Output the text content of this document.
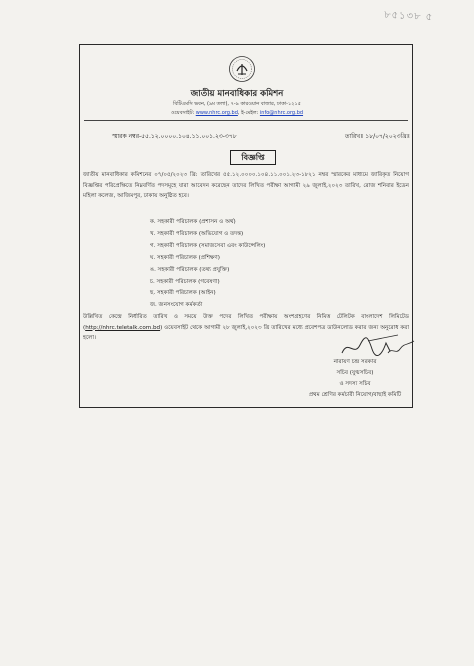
৮৫১৩৮ ৫
জাতীয় মানবাধিকার কমিশন
বিটিএমসি ভবন, (৯ম তলা), ৭-৯ কারওয়ান বাজার, ঢাকা-১২১৫
ওয়েবসাইট: www.nhrc.org.bd, ই-মেইল: info@nhrc.org.bd
স্মারক নম্বর-৫৫.১২.০০০০.১০৪.১১.০০১.২৩-৩৭৮	তারিখঃ ১৮/০৭/২০২৩খ্রিঃ
বিজ্ঞপ্তি
জাতীয় মানবাধিকার কমিশনের ০৭/০৫/২০২৩ খ্রি: তারিখের ৫৫.১২.০০০০.১০৪.১১.০০১.২৩-১৮২১ নম্বর স্মারকের মাধ্যমে জারিকৃত নিয়োগ বিজ্ঞপ্তির পরিপ্রেক্ষিতে নিম্নবর্ণিত পদসমূহে যারা আবেদন করেছেন তাদের লিখিত পরীক্ষা আগামী ২৯ জুলাই,২০২৩ তারিখ, রোজ শনিবার ইডেন মহিলা কলেজ, আজিমপুর, ঢাকায় অনুষ্ঠিত হবে।
ক. সহকারী পরিচালক (প্রশাসন ও অর্থ)
খ. সহকারী পরিচালক (অভিযোগ ও তদন্ত)
গ. সহকারী পরিচালক (সমাজসেবা এবং কাউন্সেলিং)
ঘ. সহকারী পরিচালক (প্রশিক্ষণ)
ঙ. সহকারী পরিচালক (তথ্য প্রযুক্তি)
চ. সহকারী পরিচালক (গবেষণা)
ছ. সহকারী পরিচালক (আইন)
জ. জনসংযোগ কর্মকর্তা
উল্লিখিত কেন্দ্রে নির্ধারিত তারিখ ও সময়ে উক্ত পদের লিখিত পরীক্ষায় অংশগ্রহণের নিমিত্ত টেলিটক বাংলাদেশ লিমিটেড (http://nhrc.teletalk.com.bd) ওয়েবসাইট থেকে আগামী ২৮ জুলাই,২০২৩ খ্রি তারিখের মধ্যে প্রবেশপত্র ডাউনলোড করার জন্য অনুরোধ করা হলো।
নারায়ণ চন্দ্র সরকার
সচিব (যুগ্মসচিব)
ও সদস্য সচিব
প্রথম শ্রেণির কর্মচারী নিয়োগ/বাছাই কমিটি
